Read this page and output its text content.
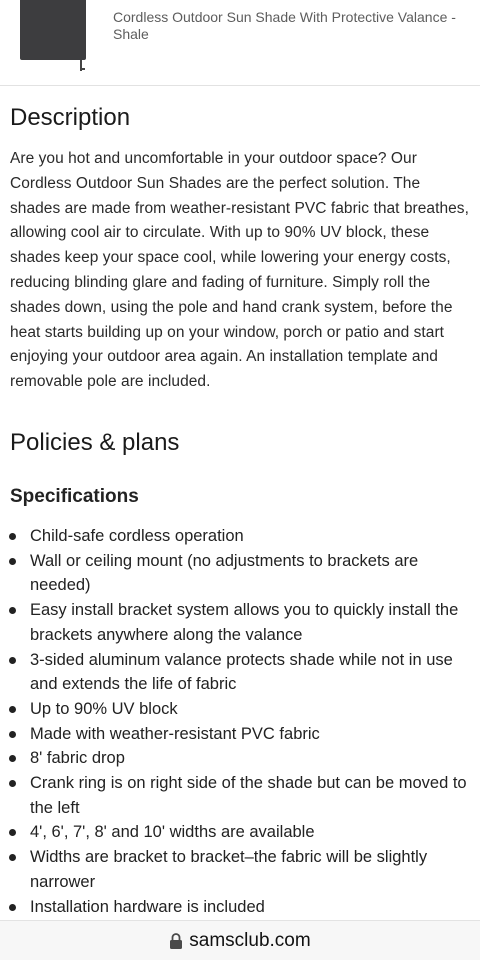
Cordless Outdoor Sun Shade With Protective Valance - Shale
Description

Are you hot and uncomfortable in your outdoor space? Our Cordless Outdoor Sun Shades are the perfect solution. The shades are made from weather-resistant PVC fabric that breathes, allowing cool air to circulate. With up to 90% UV block, these shades keep your space cool, while lowering your energy costs, reducing blinding glare and fading of furniture. Simply roll the shades down, using the pole and hand crank system, before the heat starts building up on your window, porch or patio and start enjoying your outdoor area again. An installation template and removable pole are included.

Policies & plans
Specifications
Child-safe cordless operation
Wall or ceiling mount (no adjustments to brackets are needed)
Easy install bracket system allows you to quickly install the brackets anywhere along the valance
3-sided aluminum valance protects shade while not in use and extends the life of fabric
Up to 90% UV block
Made with weather-resistant PVC fabric
8' fabric drop
Crank ring is on right side of the shade but can be moved to the left
4', 6', 7', 8' and 10' widths are available
Widths are bracket to bracket–the fabric will be slightly narrower
Installation hardware is included
samsclub.com
